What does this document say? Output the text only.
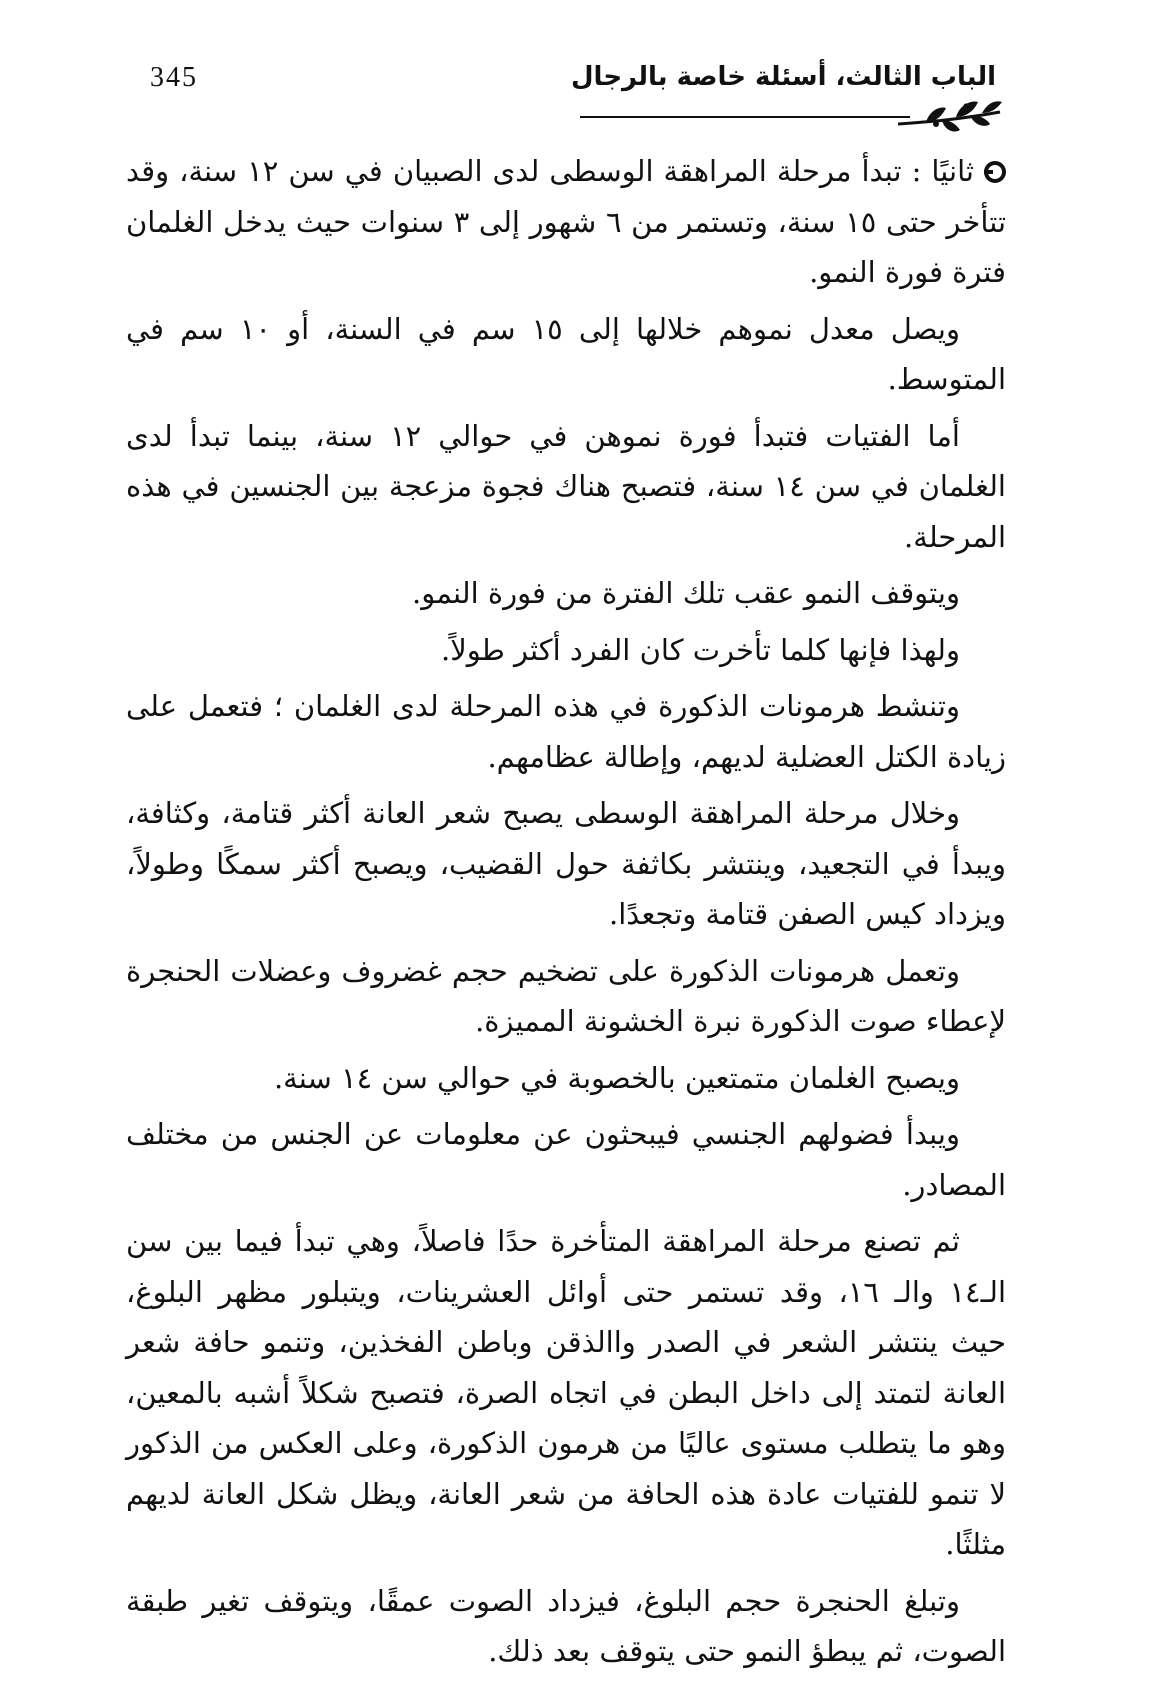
345	الباب الثالث، أسئلة خاصة بالرجال

ثانيًا : تبدأ مرحلة المراهقة الوسطى لدى الصبيان في سن ١٢ سنة، وقد تتأخر حتى ١٥ سنة، وتستمر من ٦ شهور إلى ٣ سنوات حيث يدخل الغلمان فترة فورة النمو.

ويصل معدل نموهم خلالها إلى ١٥ سم في السنة، أو ١٠ سم في المتوسط.

أما الفتيات فتبدأ فورة نموهن في حوالي ١٢ سنة، بينما تبدأ لدى الغلمان في سن ١٤ سنة، فتصبح هناك فجوة مزعجة بين الجنسين في هذه المرحلة.

ويتوقف النمو عقب تلك الفترة من فورة النمو.

ولهذا فإنها كلما تأخرت كان الفرد أكثر طولاً.

وتنشط هرمونات الذكورة في هذه المرحلة لدى الغلمان ؛ فتعمل على زيادة الكتل العضلية لديهم، وإطالة عظامهم.

وخلال مرحلة المراهقة الوسطى يصبح شعر العانة أكثر قتامة، وكثافة، ويبدأ في التجعيد، وينتشر بكاثفة حول القضيب، ويصبح أكثر سمكًا وطولاً، ويزداد كيس الصفن قتامة وتجعدًا.

وتعمل هرمونات الذكورة على تضخيم حجم غضروف وعضلات الحنجرة لإعطاء صوت الذكورة نبرة الخشونة المميزة.

ويصبح الغلمان متمتعين بالخصوبة في حوالي سن ١٤ سنة.

ويبدأ فضولهم الجنسي فيبحثون عن معلومات عن الجنس من مختلف المصادر.

ثم تصنع مرحلة المراهقة المتأخرة حدًا فاصلاً، وهي تبدأ فيما بين سن الـ١٤ والـ ١٦، وقد تستمر حتى أوائل العشرينات، ويتبلور مظهر البلوغ، حيث ينتشر الشعر في الصدر واالذقن وباطن الفخذين، وتنمو حافة شعر العانة لتمتد إلى داخل البطن في اتجاه الصرة، فتصبح شكلاً أشبه بالمعين، وهو ما يتطلب مستوى عاليًا من هرمون الذكورة، وعلى العكس من الذكور لا تنمو للفتيات عادة هذه الحافة من شعر العانة، ويظل شكل العانة لديهم مثلثًا.

وتبلغ الحنجرة حجم البلوغ، فيزداد الصوت عمقًا، ويتوقف تغير طبقة الصوت، ثم يبطؤ النمو حتى يتوقف بعد ذلك.
